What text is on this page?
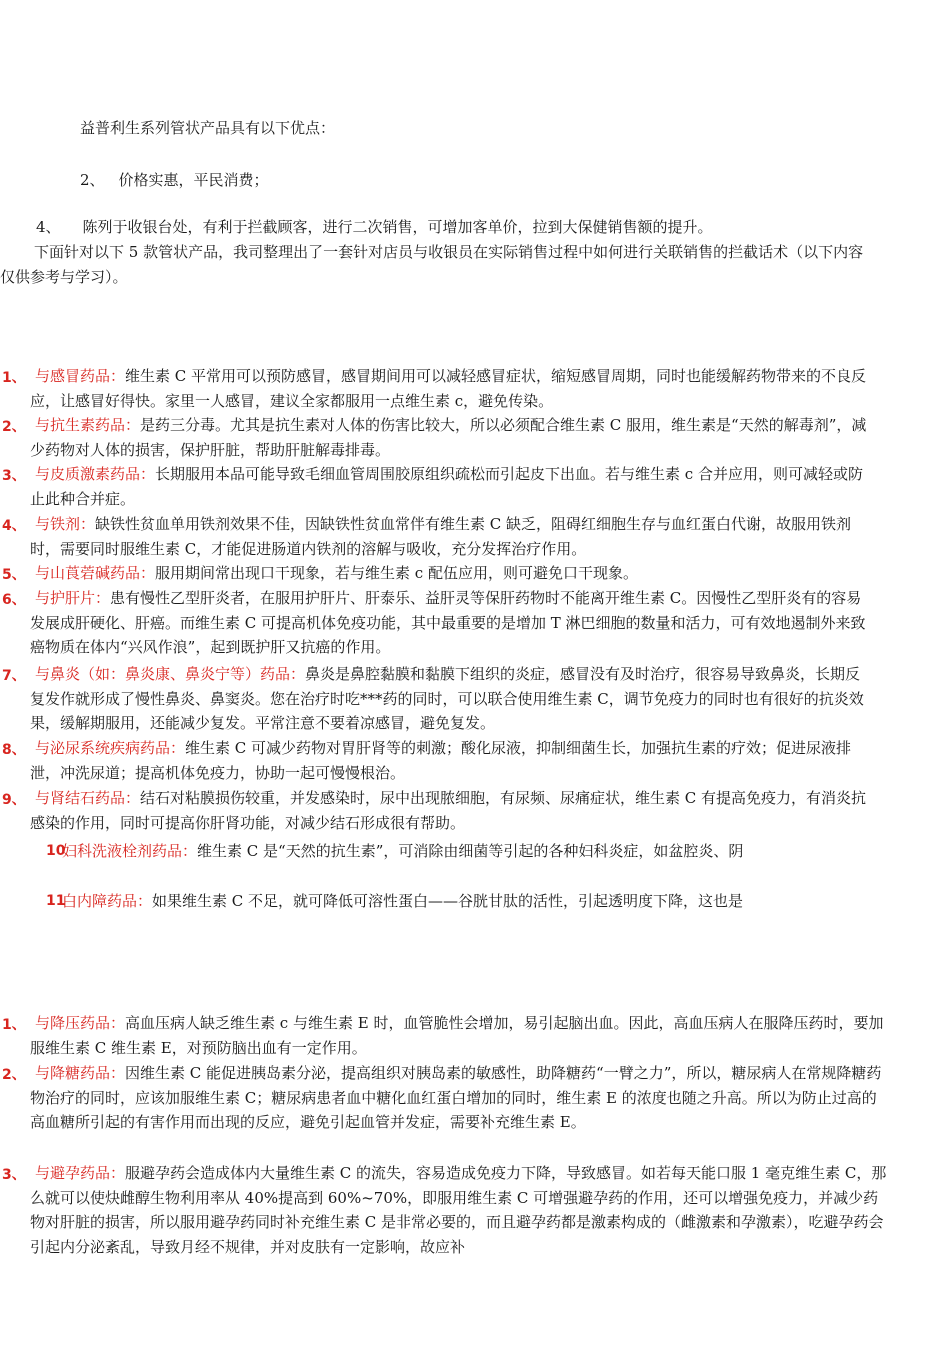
益普利生系列管状产品具有以下优点：
2、 价格实惠，平民消费；
4、 陈列于收银台处，有利于拦截顾客，进行二次销售，可增加客单价，拉到大保健销售额的提升。
下面针对以下 5 款管状产品，我司整理出了一套针对店员与收银员在实际销售过程中如何进行关联销售的拦截话术（以下内容仅供参考与学习）。
1、 与感冒药品：维生素 C 平常用可以预防感冒，感冒期间用可以减轻感冒症状，缩短感冒周期，同时也能缓解药物带来的不良反应，让感冒好得快。家里一人感冒，建议全家都服用一点维生素 c，避免传染。
2、 与抗生素药品：是药三分毒。尤其是抗生素对人体的伤害比较大，所以必须配合维生素 C 服用，维生素是“天然的解毒剂”，减少药物对人体的损害，保护肝脏，帮助肝脏解毒排毒。
3、 与皮质激素药品：长期服用本品可能导致毛细血管周围胶原组织疏松而引起皮下出血。若与维生素 c 合并应用，则可减轻或防止此种合并症。
4、 与铁剂：缺铁性贫血单用铁剂效果不佳，因缺铁性贫血常伴有维生素 C 缺乏，阻碍红细胞生存与血红蛋白代谢，故服用铁剂时，需要同时服维生素 C，才能促进肠道内铁剂的溶解与吸收，充分发挥治疗作用。
5、 与山莨菪碱药品：服用期间常出现口干现象，若与维生素 c 配伍应用，则可避免口干现象。
6、 与护肝片：患有慢性乙型肝炎者，在服用护肝片、肝泰乐、益肝灵等保肝药物时不能离开维生素 C。因慢性乙型肝炎有的容易发展成肝硬化、肝癌。而维生素 C 可提高机体免疫功能，其中最重要的是增加 T 淋巴细胞的数量和活力，可有效地遏制外来致癌物质在体内“兴风作浪”，起到既护肝又抗癌的作用。
7、 与鼻炎（如：鼻炎康、鼻炎宁等）药品：鼻炎是鼻腔黏膜和黏膜下组织的炎症，感冒没有及时治疗，很容易导致鼻炎，长期反复发作就形成了慢性鼻炎、鼻窦炎。您在治疗时吃***药的同时，可以联合使用维生素 C，调节免疫力的同时也有很好的抗炎效果，缓解期服用，还能减少复发。平常注意不要着凉感冒，避免复发。
8、 与泌尿系统疾病药品：维生素 C 可减少药物对胃肝肾等的刺激；酸化尿液，抑制细菌生长，加强抗生素的疗效；促进尿液排泄，冲洗尿道；提高机体免疫力，协助一起可慢慢根治。
9、 与肾结石药品：结石对粘膜损伤较重，并发感染时，尿中出现脓细胞，有尿频、尿痛症状，维生素 C 有提高免疫力，有消炎抗感染的作用，同时可提高你肝肾功能，对减少结石形成很有帮助。
10
妇科洗液栓剂药品：维生素 C 是“天然的抗生素”，可消除由细菌等引起的各种妇科炎症，如盆腔炎、阴
11
白内障药品：如果维生素 C 不足，就可降低可溶性蛋白——谷胱甘肽的活性，引起透明度下降，这也是
1、 与降压药品：高血压病人缺乏维生素 c 与维生素 E 时，血管脆性会增加，易引起脑出血。因此，高血压病人在服降压药时，要加服维生素 C 维生素 E，对预防脑出血有一定作用。
2、 与降糖药品：因维生素 C 能促进胰岛素分泌，提高组织对胰岛素的敏感性，助降糖药“一臂之力”，所以，糖尿病人在常规降糖药物治疗的同时，应该加服维生素 C；糖尿病患者血中糖化血红蛋白增加的同时，维生素 E 的浓度也随之升高。所以为防止过高的高血糖所引起的有害作用而出现的反应，避免引起血管并发症，需要补充维生素 E。
3、 与避孕药品：服避孕药会造成体内大量维生素 C 的流失，容易造成免疫力下降，导致感冒。如若每天能口服 1 毫克维生素 C，那么就可以使炔雌醇生物利用率从 40%提高到 60%~70%，即服用维生素 C 可增强避孕药的作用，还可以增强免疫力，并减少药物对肝脏的损害，所以服用避孕药同时补充维生素 C 是非常必要的，而且避孕药都是激素构成的（雌激素和孕激素），吃避孕药会引起内分泌紊乱，导致月经不规律，并对皮肤有一定影响，故应补
